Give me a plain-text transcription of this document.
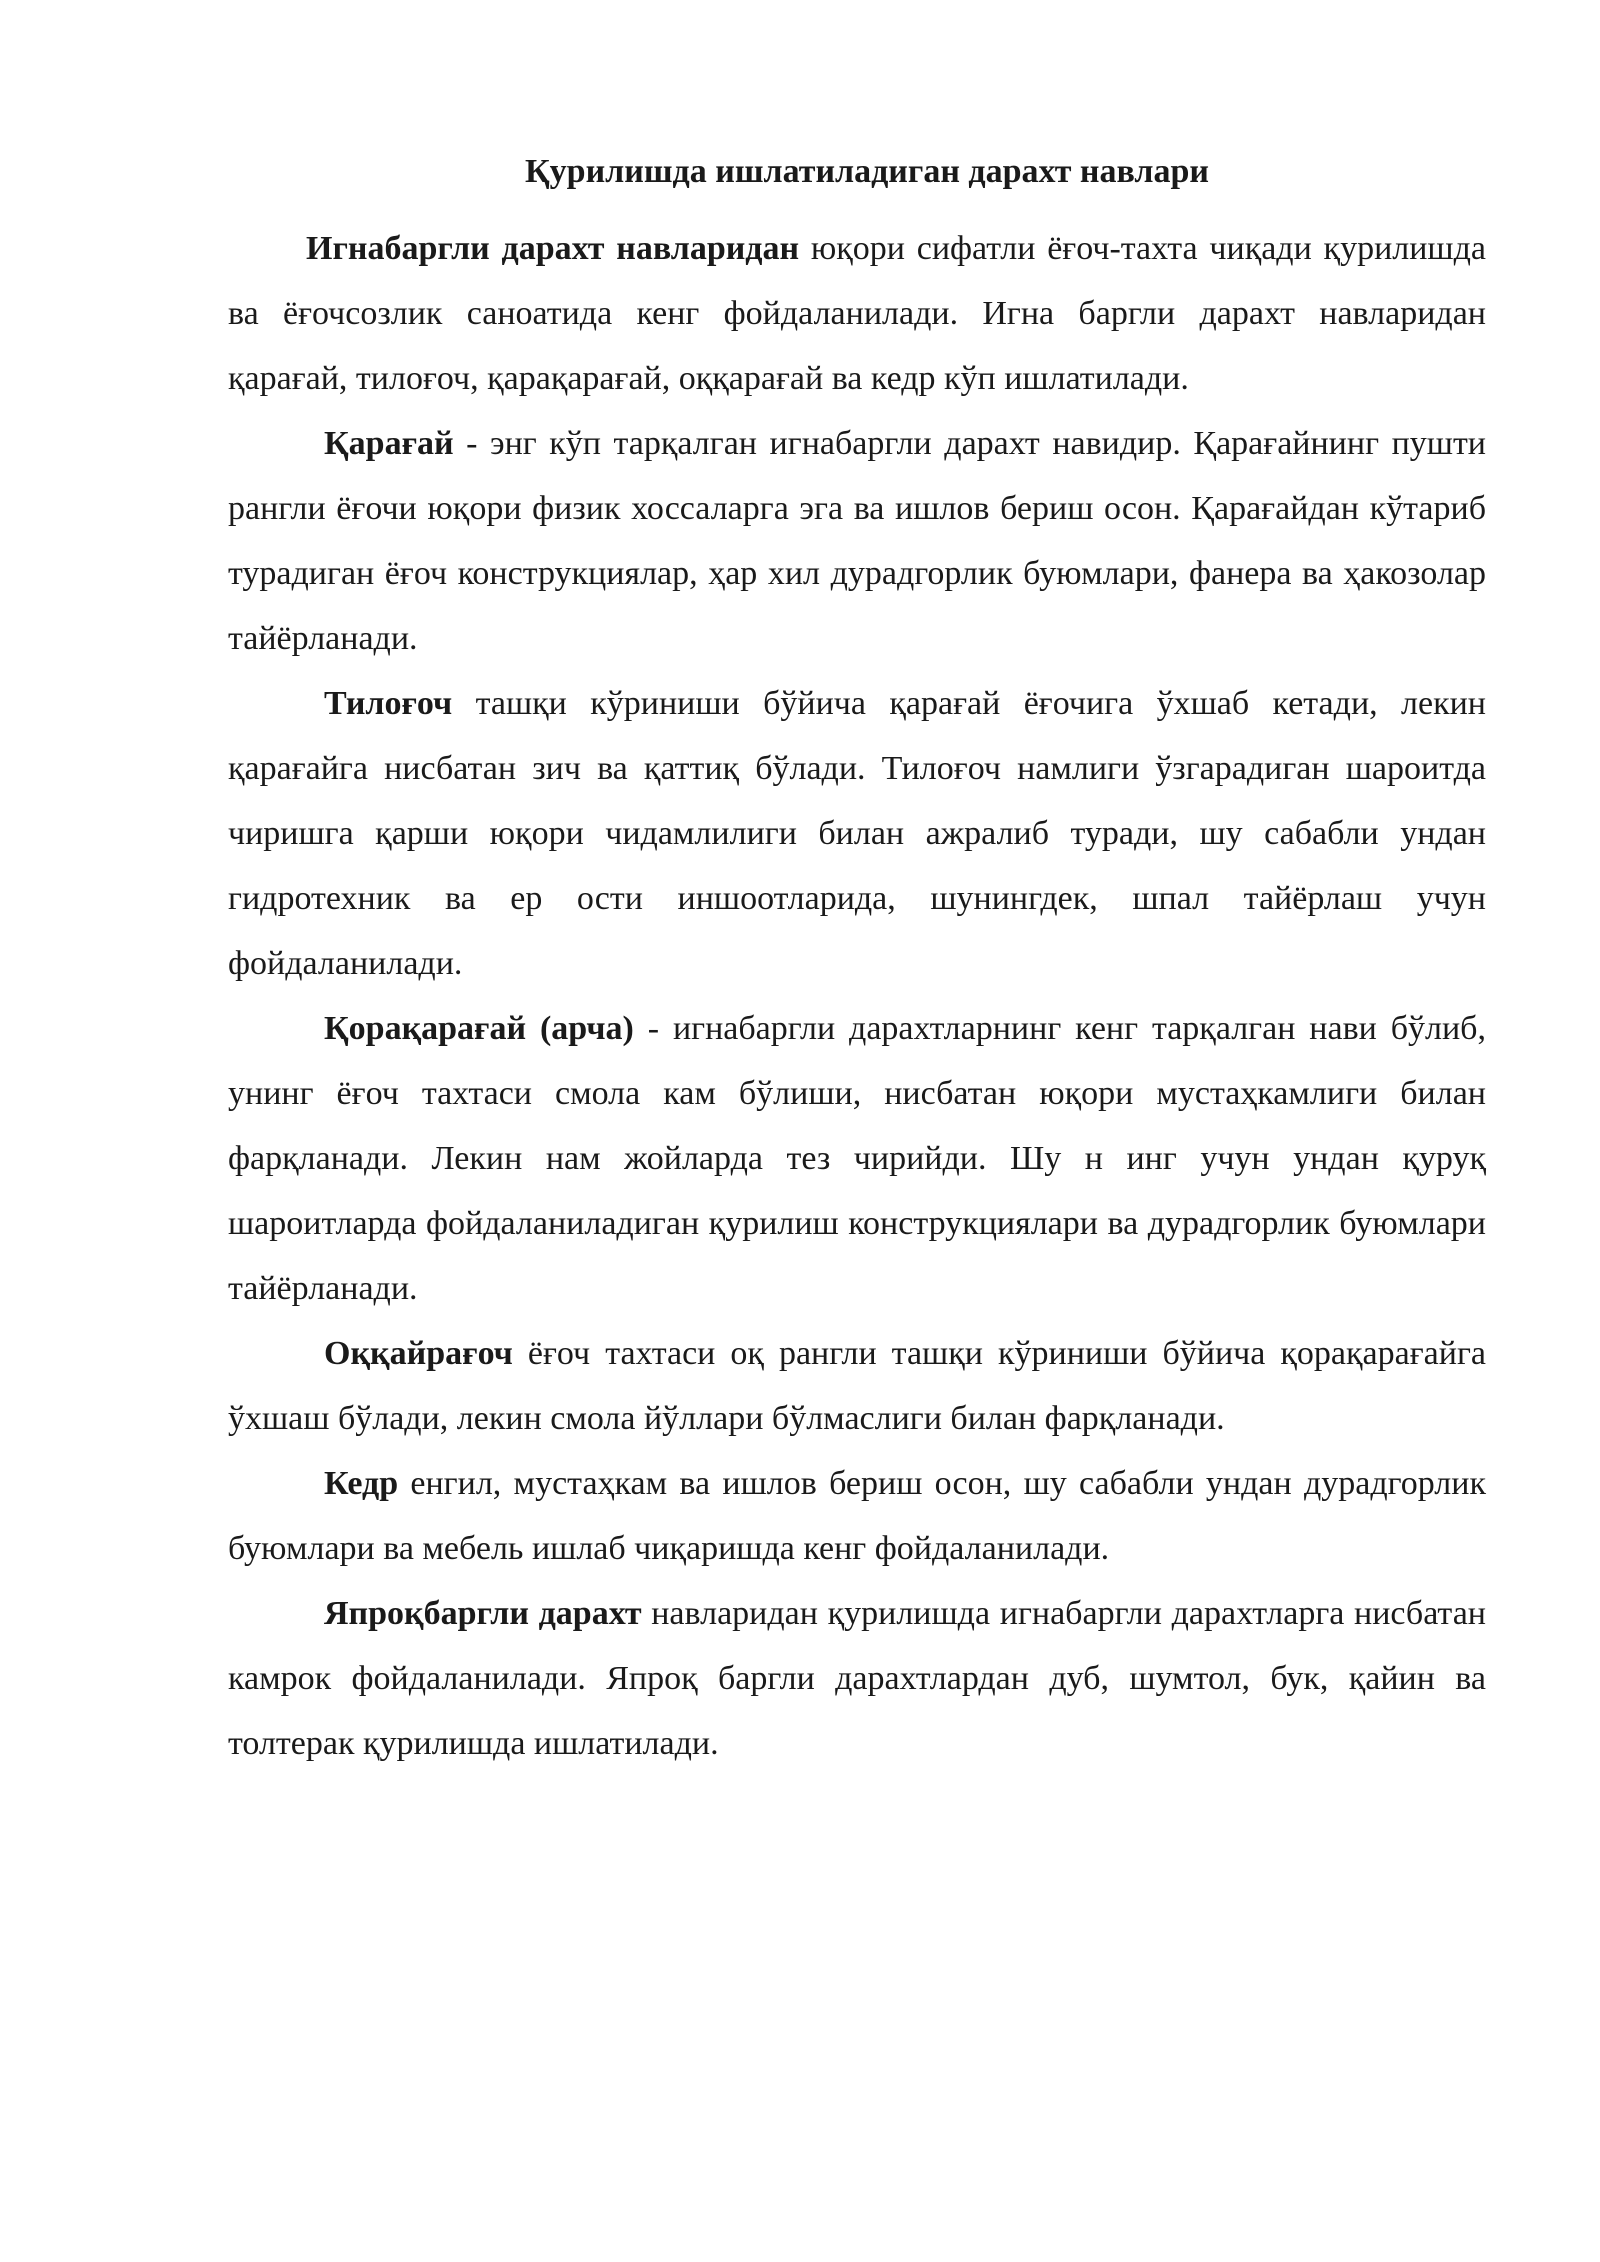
Қурилишда ишлатиладиган дарахт навлари

Игнабаргли дарахт навларидан юқори сифатли ёғоч-тахта чиқади қурилишда ва ёғочсозлик саноатида кенг фойдаланилади. Игна баргли дарахт навларидан қарағай, тилоғоч, қарақарағай, оққарағай ва кедр кўп ишлатилади.

Қарағай - энг кўп тарқалган игнабаргли дарахт навидир. Қарағайнинг пушти рангли ёғочи юқори физик хоссаларга эга ва ишлов бериш осон. Қарағайдан кўтариб турадиган ёғоч конструкциялар, ҳар хил дурадгорлик буюмлари, фанера ва ҳакозолар тайёрланади.

Тилоғоч ташқи кўриниши бўйича қарағай ёғочига ўхшаб кетади, лекин қарағайга нисбатан зич ва қаттиқ бўлади. Тилоғоч намлиги ўзгарадиган шароитда чиришга қарши юқори чидамлилиги билан ажралиб туради, шу сабабли ундан гидротехник ва ер ости иншоотларида, шунингдек, шпал тайёрлаш учун фойдаланилади.

Қорақарағай (арча) - игнабаргли дарахтларнинг кенг тарқалган нави бўлиб, унинг ёғоч тахтаси смола кам бўлиши, нисбатан юқори мустаҳкамлиги билан фарқланади. Лекин нам жойларда тез чирийди. Шу н инг учун ундан қуруқ шароитларда фойдаланиладиган қурилиш конструкциялари ва дурадгорлик буюмлари тайёрланади.

Оққайрағоч ёғоч тахтаси оқ рангли ташқи кўриниши бўйича қорақарағайга ўхшаш бўлади, лекин смола йўллари бўлмаслиги билан фарқланади.

Кедр енгил, мустаҳкам ва ишлов бериш осон, шу сабабли ундан дурадгорлик буюмлари ва мебель ишлаб чиқаришда кенг фойдаланилади.

Япроқбаргли дарахт навларидан қурилишда игнабаргли дарахтларга нисбатан камрок фойдаланилади. Япроқ баргли дарахтлардан дуб, шумтол, бук, қайин ва толтерак қурилишда ишлатилади.
